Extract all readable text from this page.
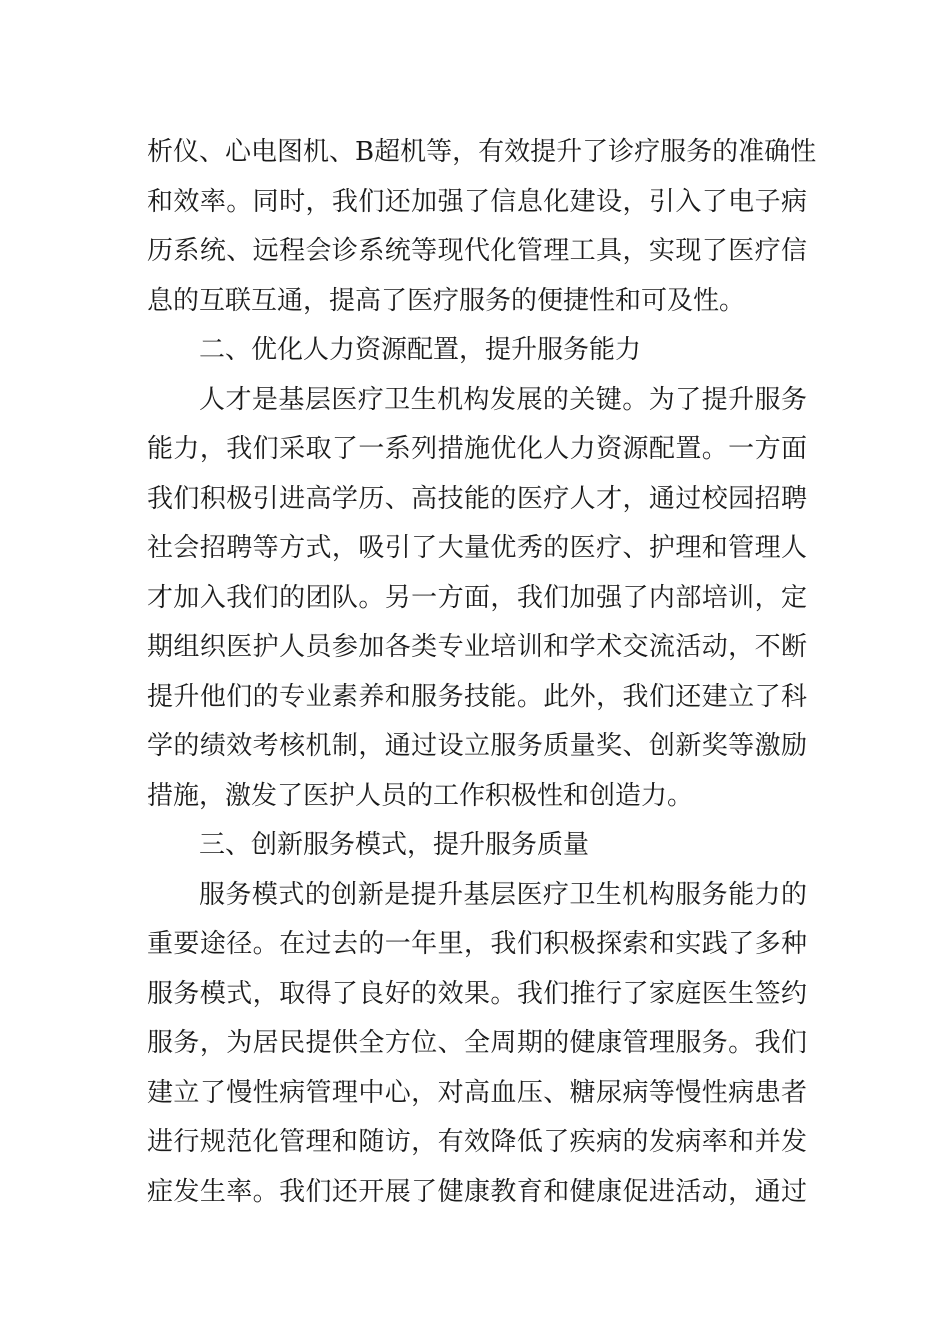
析仪、心电图机、B超机等，有效提升了诊疗服务的准确性
和效率。同时，我们还加强了信息化建设，引入了电子病
历系统、远程会诊系统等现代化管理工具，实现了医疗信
息的互联互通，提高了医疗服务的便捷性和可及性。
二、优化人力资源配置，提升服务能力
人才是基层医疗卫生机构发展的关键。为了提升服务
能力，我们采取了一系列措施优化人力资源配置。一方面
我们积极引进高学历、高技能的医疗人才，通过校园招聘
社会招聘等方式，吸引了大量优秀的医疗、护理和管理人
才加入我们的团队。另一方面，我们加强了内部培训，定
期组织医护人员参加各类专业培训和学术交流活动，不断
提升他们的专业素养和服务技能。此外，我们还建立了科
学的绩效考核机制，通过设立服务质量奖、创新奖等激励
措施，激发了医护人员的工作积极性和创造力。
三、创新服务模式，提升服务质量
服务模式的创新是提升基层医疗卫生机构服务能力的
重要途径。在过去的一年里，我们积极探索和实践了多种
服务模式，取得了良好的效果。我们推行了家庭医生签约
服务，为居民提供全方位、全周期的健康管理服务。我们
建立了慢性病管理中心，对高血压、糖尿病等慢性病患者
进行规范化管理和随访，有效降低了疾病的发病率和并发
症发生率。我们还开展了健康教育和健康促进活动，通过
